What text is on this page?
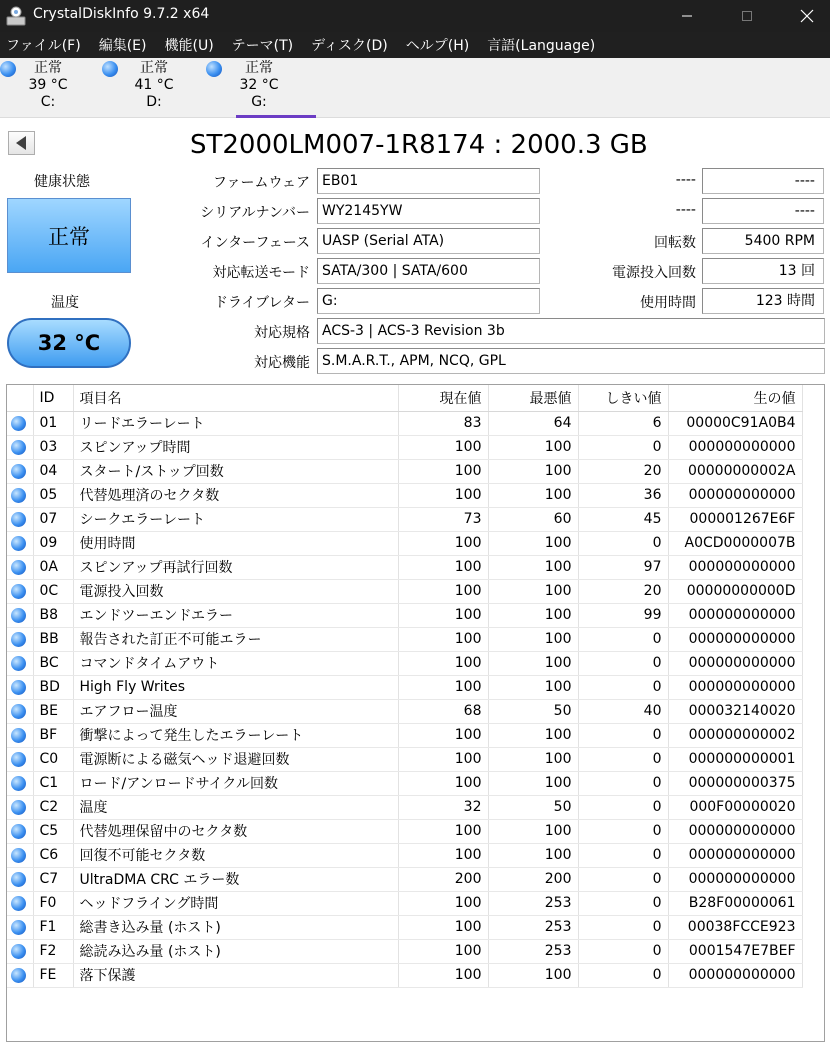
CrystalDiskInfo 9.7.2 x64
ファイル(F) 編集(E) 機能(U) テーマ(T) ディスク(D) ヘルプ(H) 言語(Language)
正常
39 °C
C:
正常
41 °C
D:
正常
32 °C
G:
ST2000LM007-1R8174 : 2000.3 GB
健康状態
正常
温度
32 °C
ファームウェア EB01
シリアルナンバー WY2145YW
インターフェース UASP (Serial ATA)
対応転送モード SATA/300 | SATA/600
ドライブレター G:
対応規格 ACS-3 | ACS-3 Revision 3b
対応機能 S.M.A.R.T., APM, NCQ, GPL
----	----
----	----
回転数	5400 RPM
電源投入回数	13 回
使用時間	123 時間
	ID	項目名	現在値	最悪値	しきい値	生の値
	01	リードエラーレート	83	64	6	00000C91A0B4
	03	スピンアップ時間	100	100	0	000000000000
	04	スタート/ストップ回数	100	100	20	00000000002A
	05	代替処理済のセクタ数	100	100	36	000000000000
	07	シークエラーレート	73	60	45	000001267E6F
	09	使用時間	100	100	0	A0CD0000007B
	0A	スピンアップ再試行回数	100	100	97	000000000000
	0C	電源投入回数	100	100	20	00000000000D
	B8	エンドツーエンドエラー	100	100	99	000000000000
	BB	報告された訂正不可能エラー	100	100	0	000000000000
	BC	コマンドタイムアウト	100	100	0	000000000000
	BD	High Fly Writes	100	100	0	000000000000
	BE	エアフロー温度	68	50	40	000032140020
	BF	衝撃によって発生したエラーレート	100	100	0	000000000002
	C0	電源断による磁気ヘッド退避回数	100	100	0	000000000001
	C1	ロード/アンロードサイクル回数	100	100	0	000000000375
	C2	温度	32	50	0	000F00000020
	C5	代替処理保留中のセクタ数	100	100	0	000000000000
	C6	回復不可能セクタ数	100	100	0	000000000000
	C7	UltraDMA CRC エラー数	200	200	0	000000000000
	F0	ヘッドフライング時間	100	253	0	B28F00000061
	F1	総書き込み量 (ホスト)	100	253	0	00038FCCE923
	F2	総読み込み量 (ホスト)	100	253	0	0001547E7BEF
	FE	落下保護	100	100	0	000000000000
